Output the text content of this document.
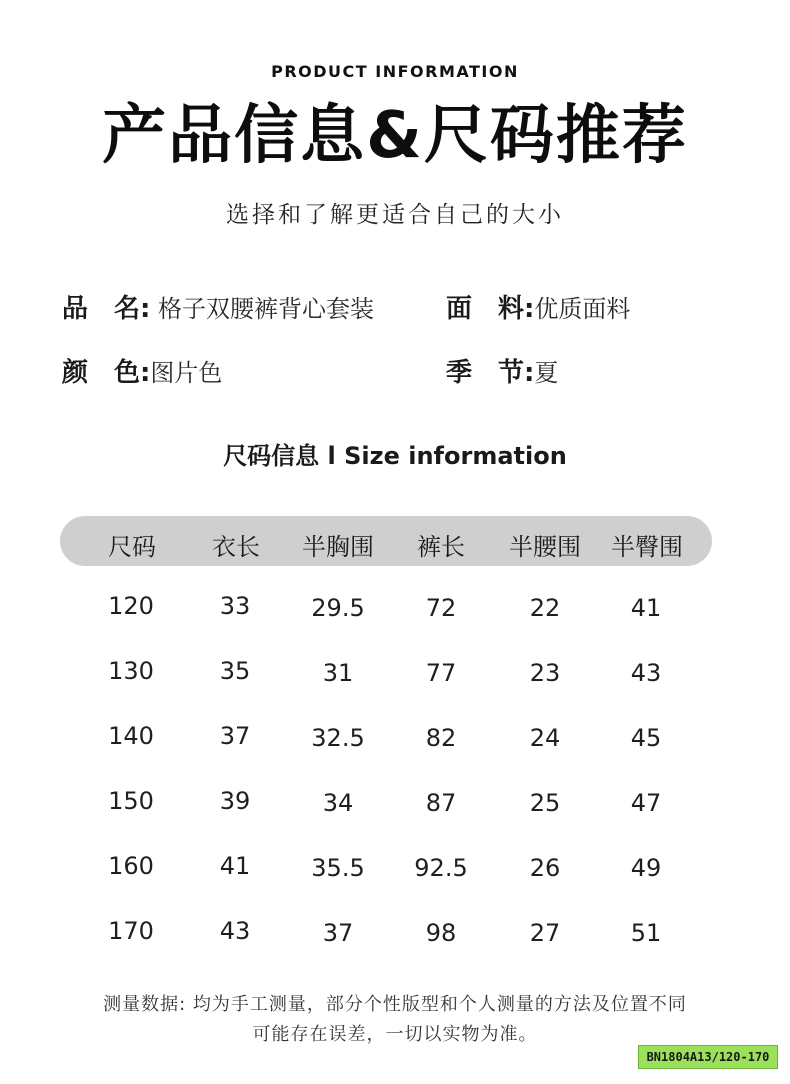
PRODUCT INFORMATION
产品信息&尺码推荐
选择和了解更适合自己的大小
品　名: 格子双腰裤背心套装	面　料:优质面料
颜　色:图片色	季　节:夏
尺码信息 l Size information
尺码	衣长	半胸围	裤长	半腰围	半臀围
120	33	29.5	72	22	41
130	35	31	77	23	43
140	37	32.5	82	24	45
150	39	34	87	25	47
160	41	35.5	92.5	26	49
170	43	37	98	27	51
测量数据: 均为手工测量，部分个性版型和个人测量的方法及位置不同
可能存在误差，一切以实物为准。
BN1804A13/120-170
